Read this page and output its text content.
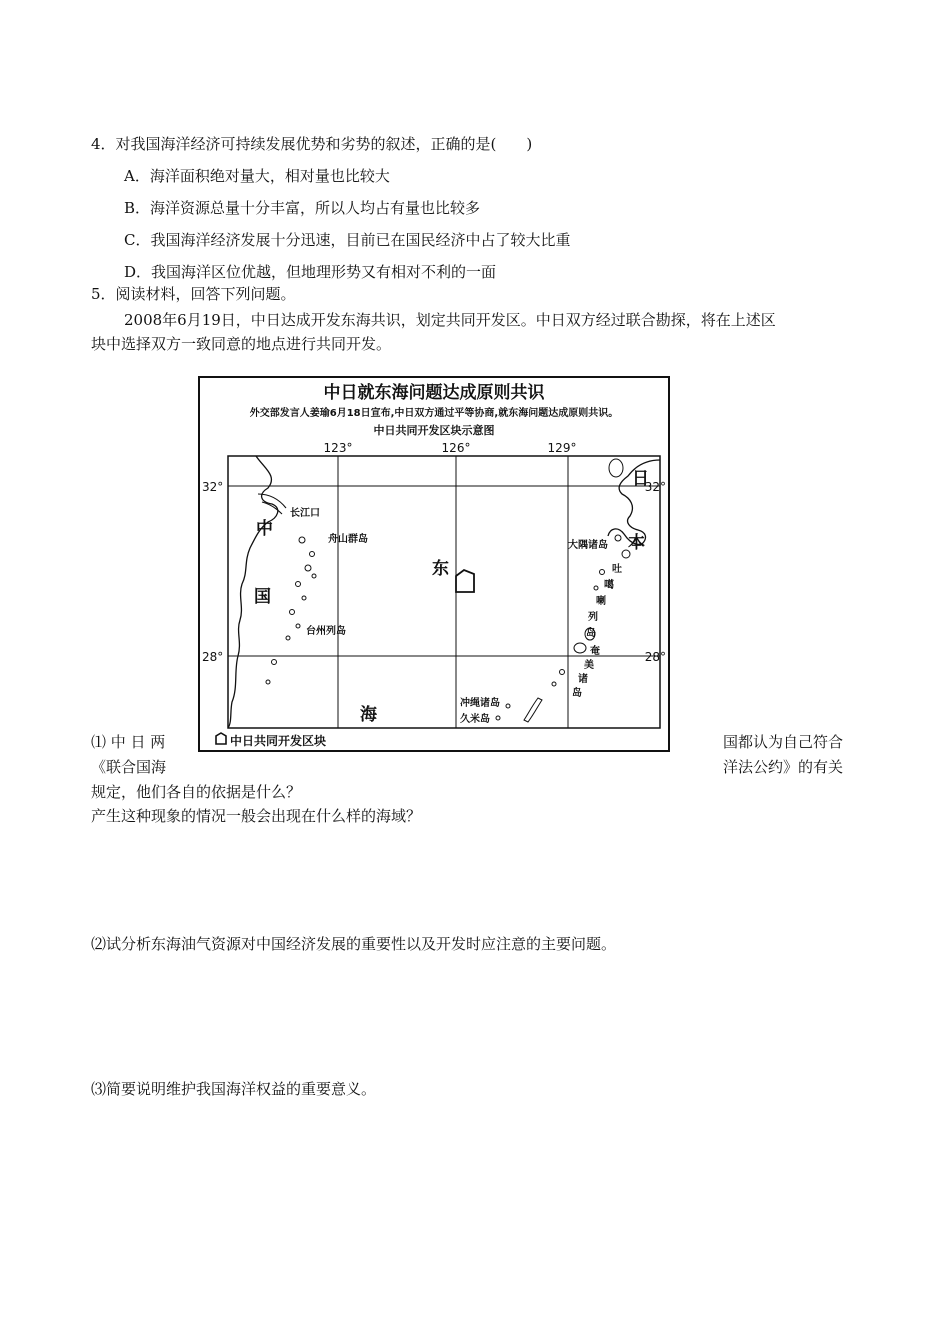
4．对我国海洋经济可持续发展优势和劣势的叙述，正确的是(　　)
A．海洋面积绝对量大，相对量也比较大
B．海洋资源总量十分丰富，所以人均占有量也比较多
C．我国海洋经济发展十分迅速，目前已在国民经济中占了较大比重
D．我国海洋区位优越，但地理形势又有相对不利的一面
5．阅读材料，回答下列问题。
2008年6月19日，中日达成开发东海共识，划定共同开发区。中日双方经过联合勘探，将在上述区
块中选择双方一致同意的地点进行共同开发。
中日就东海问题达成原则共识
外交部发言人姜瑜6月18日宣布,中日双方通过平等协商,就东海问题达成原则共识。
中日共同开发区块示意图
123°	126°	129°
32°	32°
28°	28°
中
国
东
海
日
本
长江口
舟山群岛
台州列岛
大隅诸岛
吐
噶
喇
列
岛
奄
美
诸
岛
冲绳诸岛
久米岛
中日共同开发区块
⑴ 中 日 两	国都认为自己符合
《联合国海	洋法公约》的有关
规定，他们各自的依据是什么？
产生这种现象的情况一般会出现在什么样的海域？
⑵试分析东海油气资源对中国经济发展的重要性以及开发时应注意的主要问题。
⑶简要说明维护我国海洋权益的重要意义。
